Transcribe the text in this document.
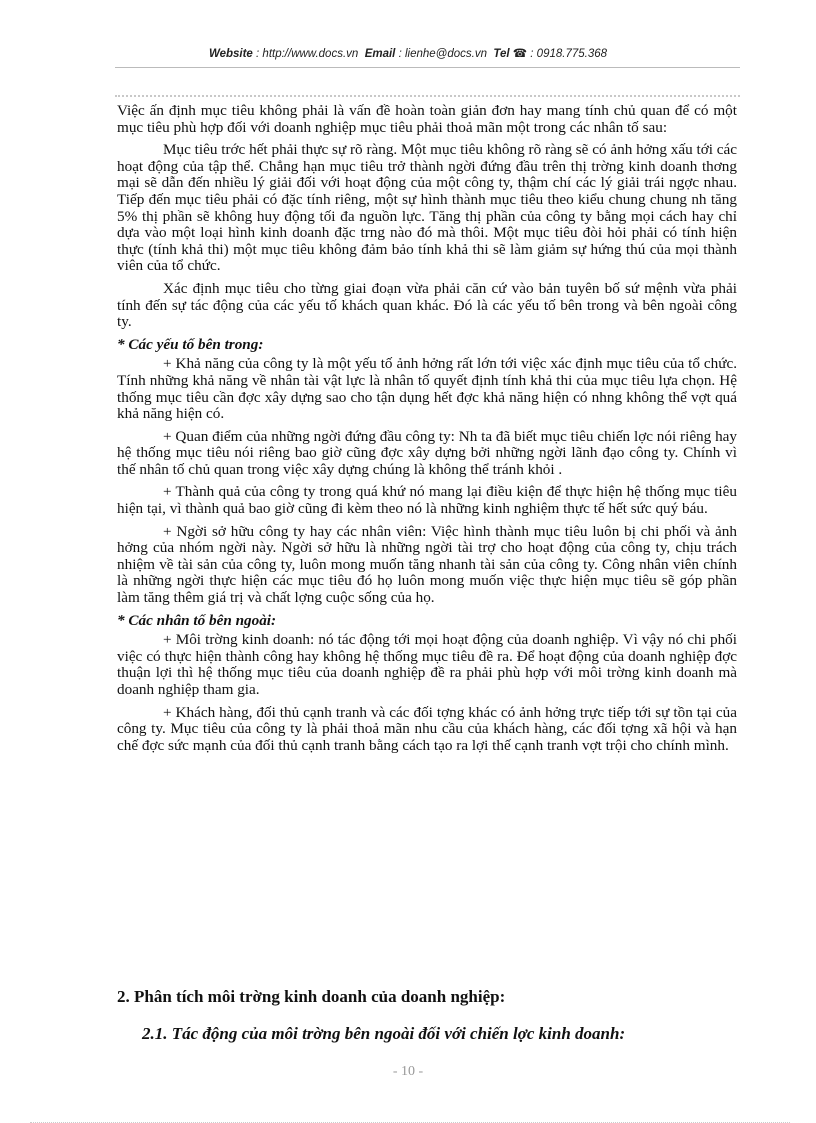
Website : http://www.docs.vn Email : lienhe@docs.vn Tel ☎ : 0918.775.368

Việc ấn định mục tiêu không phải là vấn đề hoàn toàn giản đơn hay mang tính chủ quan để có một mục tiêu phù hợp đối với doanh nghiệp mục tiêu phải thoả mãn một trong các nhân tố sau:

Mục tiêu trớc hết phải thực sự rõ ràng. Một mục tiêu không rõ ràng sẽ có ảnh hởng xấu tới các hoạt động của tập thể. Chẳng hạn mục tiêu trở thành ngời đứng đầu trên thị trờng kinh doanh thơng mại sẽ dẫn đến nhiều lý giải đối với hoạt động của một công ty, thậm chí các lý giải trái ngợc nhau. Tiếp đến mục tiêu phải có đặc tính riêng, một sự hình thành mục tiêu theo kiểu chung chung nh tăng 5% thị phần sẽ không huy động tối đa nguồn lực. Tăng thị phần của công ty bằng mọi cách hay chỉ dựa vào một loại hình kinh doanh đặc trng nào đó mà thôi. Một mục tiêu đòi hỏi phải có tính hiện thực (tính khả thi) một mục tiêu không đảm bảo tính khả thi sẽ làm giảm sự hứng thú của mọi thành viên của tổ chức.

Xác định mục tiêu cho từng giai đoạn vừa phải căn cứ vào bản tuyên bố sứ mệnh vừa phải tính đến sự tác động của các yếu tố khách quan khác. Đó là các yếu tố bên trong và bên ngoài công ty.

* Các yếu tố bên trong:

+ Khả năng của công ty là một yếu tố ảnh hởng rất lớn tới việc xác định mục tiêu của tổ chức. Tính những khả năng về nhân tài vật lực là nhân tố quyết định tính khả thi của mục tiêu lựa chọn. Hệ thống mục tiêu cần đợc xây dựng sao cho tận dụng hết đợc khả năng hiện có nhng không thể vợt quá khả năng hiện có.

+ Quan điểm của những ngời đứng đầu công ty: Nh ta đã biết mục tiêu chiến lợc nói riêng hay hệ thống mục tiêu nói riêng bao giờ cũng đợc xây dựng bởi những ngời lãnh đạo công ty. Chính vì thế nhân tố chủ quan trong việc xây dựng chúng là không thể tránh khỏi .

+ Thành quả của công ty trong quá khứ nó mang lại điều kiện để thực hiện hệ thống mục tiêu hiện tại, vì thành quả bao giờ cũng đi kèm theo nó là những kinh nghiệm thực tế hết sức quý báu.

+ Ngời sở hữu công ty hay các nhân viên: Việc hình thành mục tiêu luôn bị chi phối và ảnh hởng của nhóm ngời này. Ngời sở hữu là những ngời tài trợ cho hoạt động của công ty, chịu trách nhiệm về tài sản của công ty, luôn mong muốn tăng nhanh tài sản của công ty. Công nhân viên chính là những ngời thực hiện các mục tiêu đó họ luôn mong muốn việc thực hiện mục tiêu sẽ góp phần làm tăng thêm giá trị và chất lợng cuộc sống của họ.

* Các nhân tố bên ngoài:

+ Môi trờng kinh doanh: nó tác động tới mọi hoạt động của doanh nghiệp. Vì vậy nó chi phối việc có thực hiện thành công hay không hệ thống mục tiêu đề ra. Để hoạt động của doanh nghiệp đợc thuận lợi thì hệ thống mục tiêu của doanh nghiệp đề ra phải phù hợp với môi trờng kinh doanh mà doanh nghiệp tham gia.

+ Khách hàng, đối thủ cạnh tranh và các đối tợng khác có ảnh hởng trực tiếp tới sự tồn tại của công ty. Mục tiêu của công ty là phải thoả mãn nhu cầu của khách hàng, các đối tợng xã hội và hạn chế đợc sức mạnh của đối thủ cạnh tranh bằng cách tạo ra lợi thế cạnh tranh vợt trội cho chính mình.

2. Phân tích môi trờng kinh doanh của doanh nghiệp:
2.1. Tác động của môi trờng bên ngoài đối với chiến lợc kinh doanh:
- 10 -
